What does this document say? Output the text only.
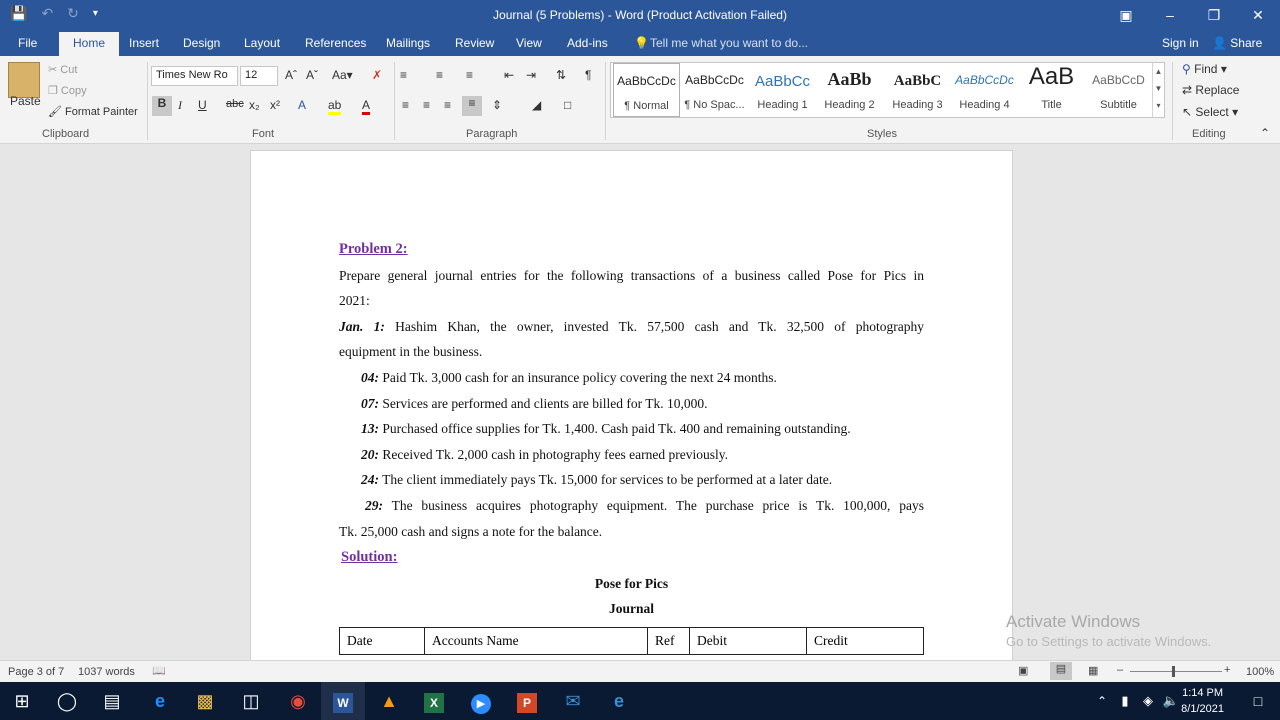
💾 ↶ ↻ ▾	Journal (5 Problems) - Word (Product Activation Failed)	▣	–	❐	✕
File	Home	Insert Design Layout References Mailings Review View Add-ins 💡 Tell me what you want to do...	Sign in 👤 Share
Paste
✂ Cut
❐ Copy
🖌 Format Painter
Clipboard
Times New Ro	12	Aˆ Aˇ Aa▾ ✗
B I U abc x₂ x² A ab A
Font
≡ ≡ ≡	⇤ ⇥ ⇅ ¶
≡ ≡ ≡	≡	⇕ ◢ □
Paragraph
AaBbCcDc
¶ Normal
AaBbCcDc
¶ No Spac...
AaBbCc
Heading 1
AaBb
Heading 2
AaBbC
Heading 3
AaBbCcDc
Heading 4
AaB
Title
AaBbCcD
Subtitle
▲
▼
▾
Styles
⚲ Find ▾
⇄ Replace
↖ Select ▾
Editing	⌃

Problem 2:

Prepare general journal entries for the following transactions of a business called Pose for Pics in

2021:

Jan. 1: Hashim Khan, the owner, invested Tk. 57,500 cash and Tk. 32,500 of photography

equipment in the business.

04: Paid Tk. 3,000 cash for an insurance policy covering the next 24 months.

07: Services are performed and clients are billed for Tk. 10,000.

13: Purchased office supplies for Tk. 1,400. Cash paid Tk. 400 and remaining outstanding.

20: Received Tk. 2,000 cash in photography fees earned previously.

24: The client immediately pays Tk. 15,000 for services to be performed at a later date.

29: The business acquires photography equipment. The purchase price is Tk. 100,000, pays

Tk. 25,000 cash and signs a note for the balance.

Solution:

Pose for Pics

Journal

Date	Accounts Name	Ref	Debit	Credit
Activate Windows
Go to Settings to activate Windows.
Page 3 of 7 1037 words 📖	▣	▤	▦ –	+ 100%
⊞	◯	▤	e	▩	◫	◉	W	▲	X	▶	P	✉	e	⌃	▮	◈ 🔈 1:14 PM
8/1/2021	□
